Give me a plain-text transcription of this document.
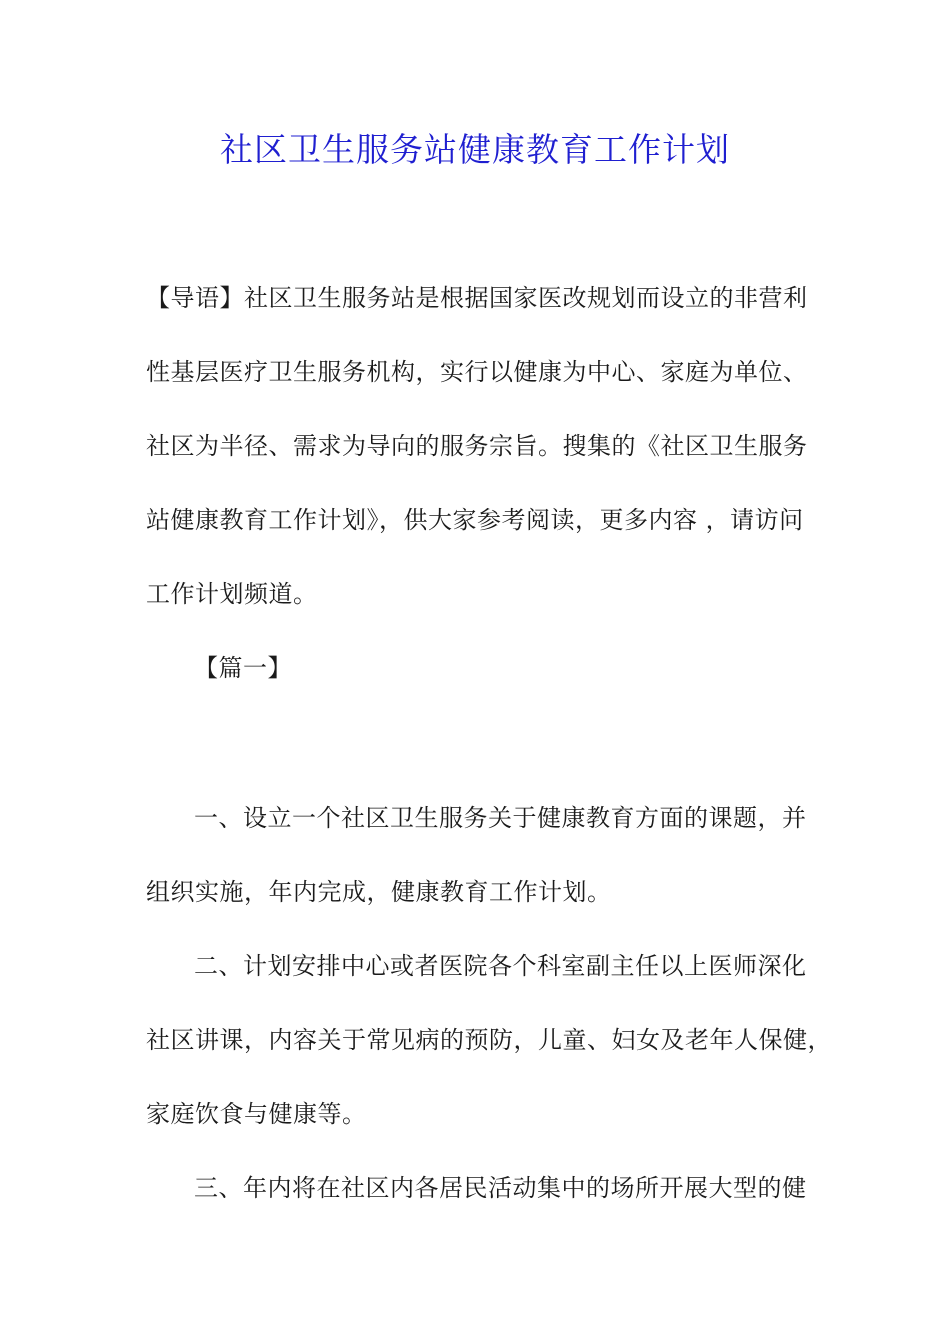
社区卫生服务站健康教育工作计划
【导语】社区卫生服务站是根据国家医改规划而设立的非营利
性基层医疗卫生服务机构，实行以健康为中心、家庭为单位、
社区为半径、需求为导向的服务宗旨。搜集的《社区卫生服务
站健康教育工作计划》，供大家参考阅读，更多内容 ，请访问
工作计划频道。
【篇一】
一、设立一个社区卫生服务关于健康教育方面的课题，并
组织实施，年内完成，健康教育工作计划。
二、计划安排中心或者医院各个科室副主任以上医师深化
社区讲课，内容关于常见病的预防，儿童、妇女及老年人保健，
家庭饮食与健康等。
三、年内将在社区内各居民活动集中的场所开展大型的健
